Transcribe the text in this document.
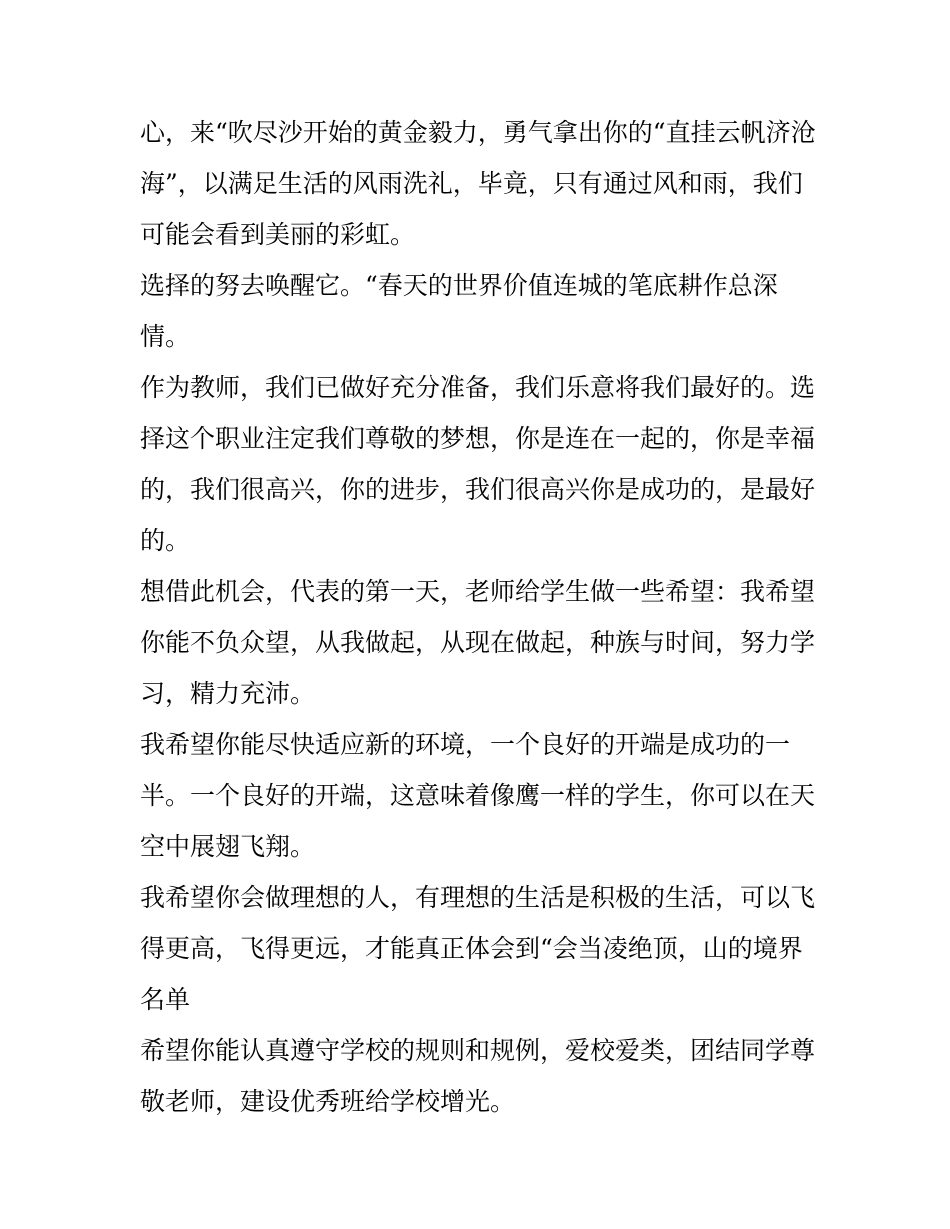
心，来“吹尽沙开始的黄金毅力，勇气拿出你的“直挂云帆济沧
海”，以满足生活的风雨洗礼，毕竟，只有通过风和雨，我们
可能会看到美丽的彩虹。
选择的努去唤醒它。“春天的世界价值连城的笔底耕作总深
情。
作为教师，我们已做好充分准备，我们乐意将我们最好的。选
择这个职业注定我们尊敬的梦想，你是连在一起的，你是幸福
的，我们很高兴，你的进步，我们很高兴你是成功的，是最好
的。
想借此机会，代表的第一天，老师给学生做一些希望：我希望
你能不负众望，从我做起，从现在做起，种族与时间，努力学
习，精力充沛。
我希望你能尽快适应新的环境，一个良好的开端是成功的一
半。一个良好的开端，这意味着像鹰一样的学生，你可以在天
空中展翅飞翔。
我希望你会做理想的人，有理想的生活是积极的生活，可以飞
得更高，飞得更远，才能真正体会到“会当凌绝顶，山的境界
名单
希望你能认真遵守学校的规则和规例，爱校爱类，团结同学尊
敬老师，建设优秀班给学校增光。
